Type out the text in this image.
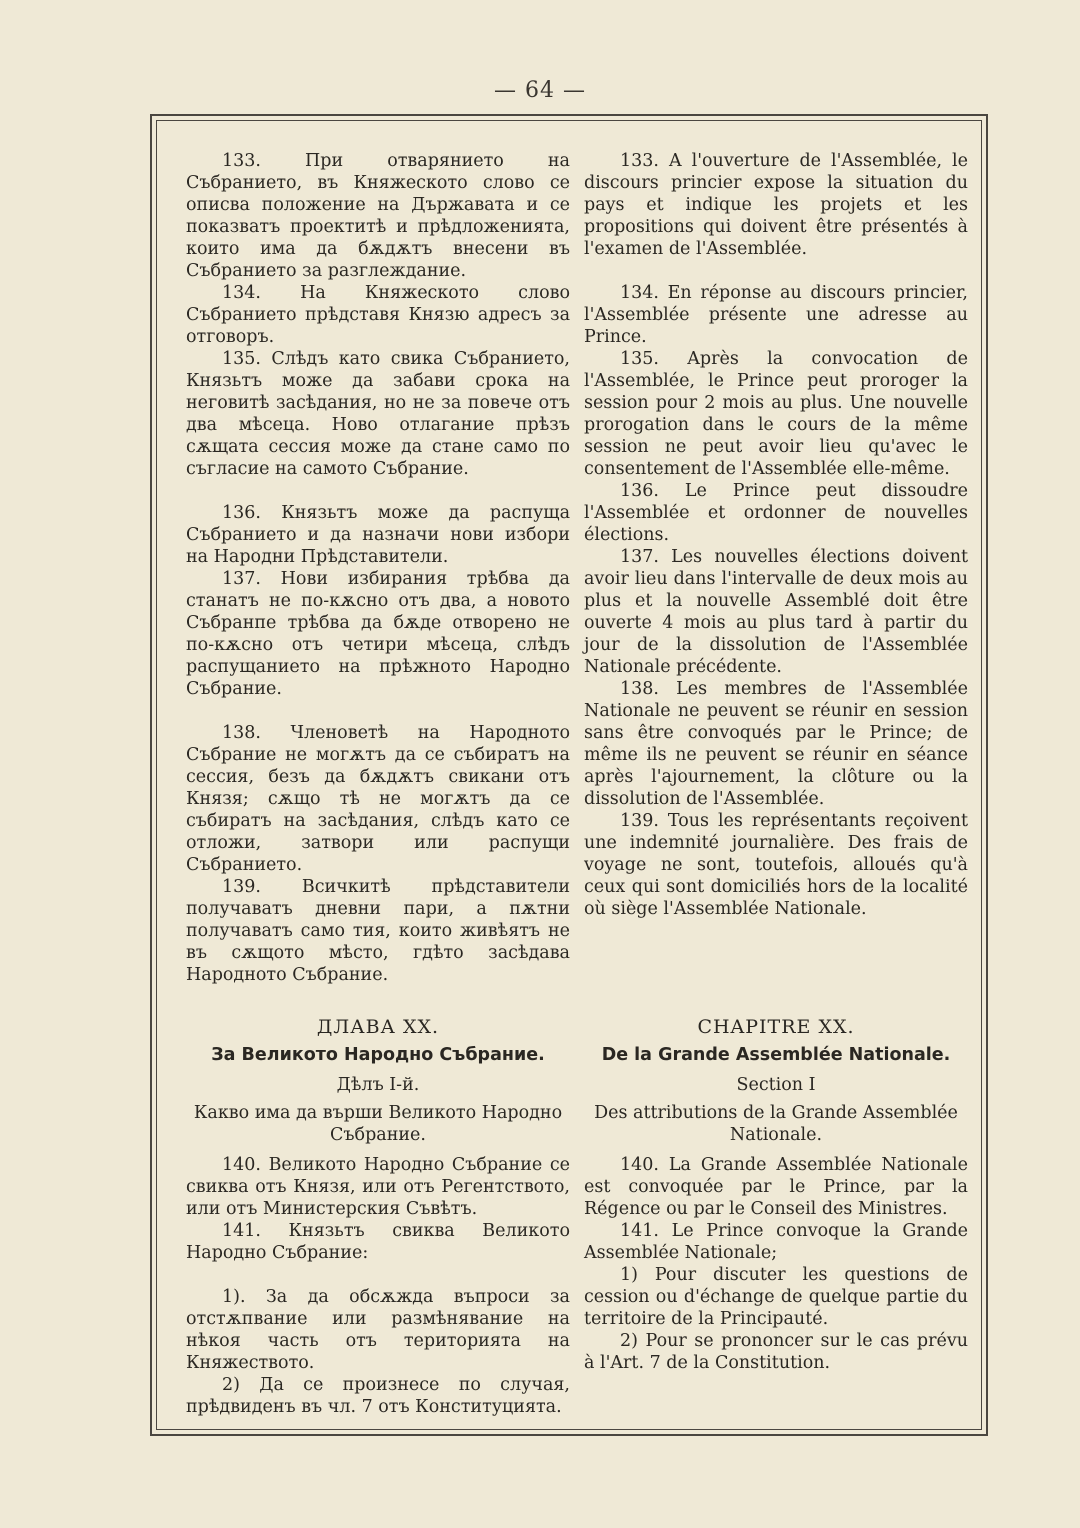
— 64 —

133. При отварянието на Събранието, въ Княжеското слово се описва положение на Държавата и се показватъ проектитѣ и прѣдложенията, които има да бѫдѫтъ внесени въ Събранието за разглеждание.

134. На Княжеското слово Събранието прѣдставя Князю адресъ за отговоръ.

135. Слѣдъ като свика Събранието, Князьтъ може да забави срока на неговитѣ засѣдания, но не за повече отъ два мѣсеца. Ново отлагание прѣзъ сѫщата сессия може да стане само по съгласие на самото Събрание.

136. Князьтъ може да распуща Събранието и да назначи нови избори на Народни Прѣдставители.

137. Нови избирания трѣбва да станатъ не по-кѫсно отъ два, а новото Събранпе трѣбва да бѫде отворено не по-кѫсно отъ четири мѣсеца, слѣдъ распущанието на прѣжното Народно Събрание.

138. Членоветѣ на Народното Събрание не могѫтъ да се събиратъ на сессия, безъ да бѫдѫтъ свикани отъ Князя; сѫщо тѣ не могѫтъ да се събиратъ на засѣдания, слѣдъ като се отложи, затвори или распущи Събранието.

139. Всичкитѣ прѣдставители получаватъ дневни пари, а пѫтни получаватъ само тия, които живѣятъ не въ сѫщото мѣсто, гдѣто засѣдава Народното Събрание.

133. A l'ouverture de l'Assemblée, le discours princier expose la situation du pays et indique les projets et les propositions qui doivent être présentés à l'examen de l'Assemblée.

134. En réponse au discours princier, l'Assemblée présente une adresse au Prince.

135. Après la convocation de l'Assemblée, le Prince peut proroger la session pour 2 mois au plus. Une nouvelle prorogation dans le cours de la même session ne peut avoir lieu qu'avec le consentement de l'Assemblée elle-même.

136. Le Prince peut dissoudre l'Assemblée et ordonner de nouvelles élections.

137. Les nouvelles élections doivent avoir lieu dans l'intervalle de deux mois au plus et la nouvelle Assemblé doit être ouverte 4 mois au plus tard à partir du jour de la dissolution de l'Assemblée Nationale précédente.

138. Les membres de l'Assemblée Nationale ne peuvent se réunir en session sans être convoqués par le Prince; de même ils ne peuvent se réunir en séance après l'ajournement, la clôture ou la dissolution de l'Assemblée.

139. Tous les représentants reçoivent une indemnité journalière. Des frais de voyage ne sont, toutefois, alloués qu'à ceux qui sont domiciliés hors de la localité où siège l'Assemblée Nationale.

ДЛАВА XX.

За Великото Народно Събрание.

Дѣлъ I-й.

Какво има да върши Великото Народно Събрание.

CHAPITRE XX.

De la Grande Assemblée Nationale.

Section I

Des attributions de la Grande Assemblée Nationale.

140. Великото Народно Събрание се свиква отъ Князя, или отъ Регентството, или отъ Министерския Съвѣтъ.

141. Князьтъ свиква Великото Народно Събрание:

1). За да обсѫжда въпроси за отстѫпвание или размѣнявание на нѣкоя часть отъ територията на Княжеството.

2) Да се произнесе по случая, прѣдвиденъ въ чл. 7 отъ Конституцията.

140. La Grande Assemblée Nationale est convoquée par le Prince, par la Régence ou par le Conseil des Ministres.

141. Le Prince convoque la Grande Assemblée Nationale;

1) Pour discuter les questions de cession ou d'échange de quelque partie du territoire de la Principauté.

2) Pour se prononcer sur le cas prévu à l'Art. 7 de la Constitution.
